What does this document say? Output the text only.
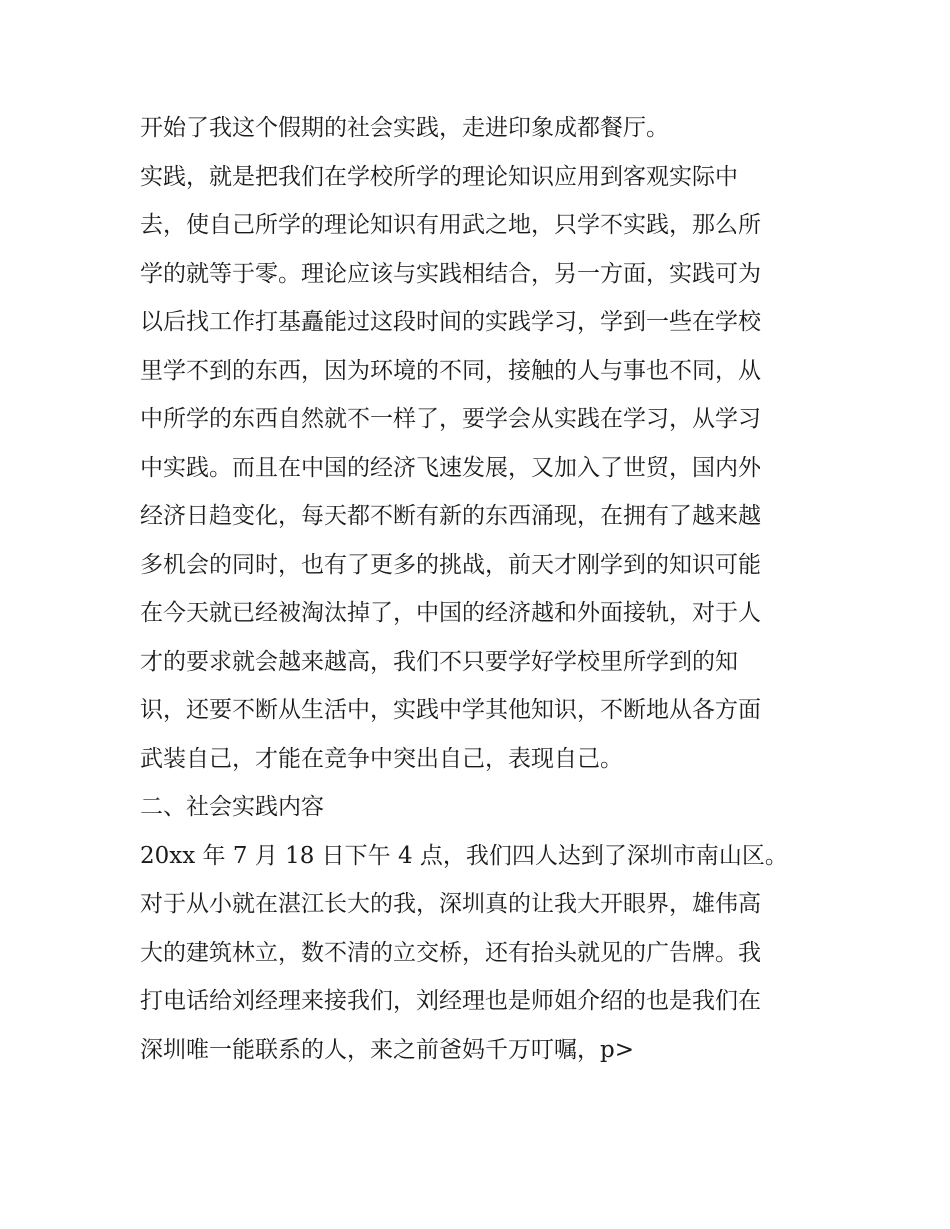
开始了我这个假期的社会实践，走进印象成都餐厅。
实践，就是把我们在学校所学的理论知识应用到客观实际中
去，使自己所学的理论知识有用武之地，只学不实践，那么所
学的就等于零。理论应该与实践相结合，另一方面，实践可为
以后找工作打基矗能过这段时间的实践学习，学到一些在学校
里学不到的东西，因为环境的不同，接触的人与事也不同，从
中所学的东西自然就不一样了，要学会从实践在学习，从学习
中实践。而且在中国的经济飞速发展，又加入了世贸，国内外
经济日趋变化，每天都不断有新的东西涌现，在拥有了越来越
多机会的同时，也有了更多的挑战，前天才刚学到的知识可能
在今天就已经被淘汰掉了，中国的经济越和外面接轨，对于人
才的要求就会越来越高，我们不只要学好学校里所学到的知
识，还要不断从生活中，实践中学其他知识，不断地从各方面
武装自己，才能在竞争中突出自己，表现自己。
二、社会实践内容
20xx 年 7 月 18 日下午 4 点，我们四人达到了深圳市南山区。
对于从小就在湛江长大的我，深圳真的让我大开眼界，雄伟高
大的建筑林立，数不清的立交桥，还有抬头就见的广告牌。我
打电话给刘经理来接我们，刘经理也是师姐介绍的也是我们在
深圳唯一能联系的人，来之前爸妈千万叮嘱，p>
